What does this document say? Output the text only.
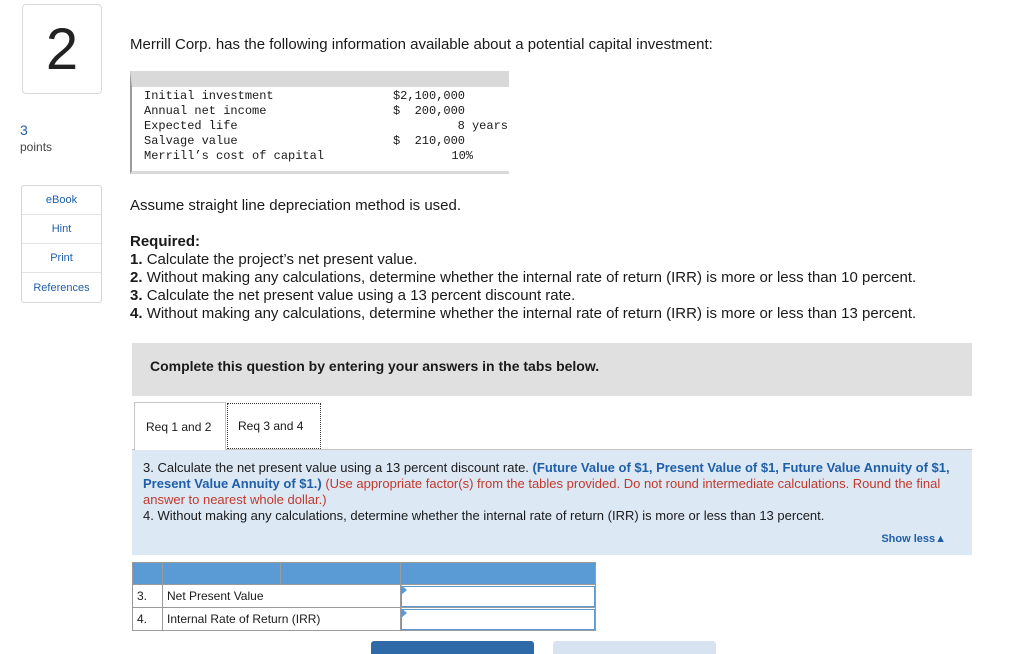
2
3
points
eBook
Hint
Print
References
Merrill Corp. has the following information available about a potential capital investment:
Initial investment	$2,100,000
Annual net income	$  200,000
Expected life	8 years
Salvage value	$  210,000
Merrill’s cost of capital	10%
Assume straight line depreciation method is used.
Required:
1. Calculate the project’s net present value.
2. Without making any calculations, determine whether the internal rate of return (IRR) is more or less than 10 percent.
3. Calculate the net present value using a 13 percent discount rate.
4. Without making any calculations, determine whether the internal rate of return (IRR) is more or less than 13 percent.
Complete this question by entering your answers in the tabs below.
Req 1 and 2	Req 3 and 4
3. Calculate the net present value using a 13 percent discount rate. (Future Value of $1, Present Value of $1, Future Value Annuity of $1, Present Value Annuity of $1.) (Use appropriate factor(s) from the tables provided. Do not round intermediate calculations. Round the final answer to nearest whole dollar.)
4. Without making any calculations, determine whether the internal rate of return (IRR) is more or less than 13 percent.
Show less▲

3.	Net Present Value	

4.	Internal Rate of Return (IRR)	
